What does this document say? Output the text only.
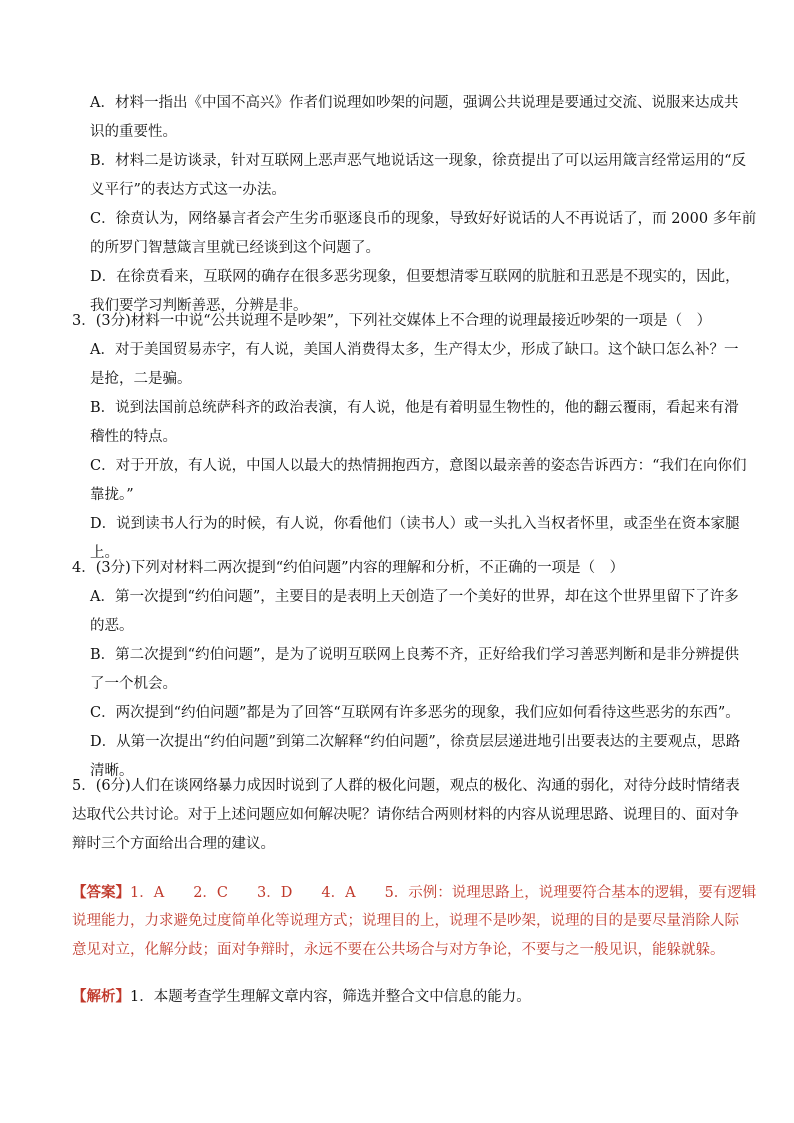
A．材料一指出《中国不高兴》作者们说理如吵架的问题，强调公共说理是要通过交流、说服来达成共
识的重要性。
B．材料二是访谈录，针对互联网上恶声恶气地说话这一现象，徐贲提出了可以运用箴言经常运用的“反
义平行”的表达方式这一办法。
C．徐贲认为，网络暴言者会产生劣币驱逐良币的现象，导致好好说话的人不再说话了，而 2000 多年前
的所罗门智慧箴言里就已经谈到这个问题了。
D．在徐贲看来，互联网的确存在很多恶劣现象，但要想清零互联网的肮脏和丑恶是不现实的，因此，
我们要学习判断善恶，分辨是非。
3．(3分)材料一中说“公共说理不是吵架”，下列社交媒体上不合理的说理最接近吵架的一项是（　）
A．对于美国贸易赤字，有人说，美国人消费得太多，生产得太少，形成了缺口。这个缺口怎么补？一
是抢，二是骗。
B．说到法国前总统萨科齐的政治表演，有人说，他是有着明显生物性的，他的翻云覆雨，看起来有滑
稽性的特点。
C．对于开放，有人说，中国人以最大的热情拥抱西方，意图以最亲善的姿态告诉西方：“我们在向你们
靠拢。”
D．说到读书人行为的时候，有人说，你看他们（读书人）或一头扎入当权者怀里，或歪坐在资本家腿
上。
4．(3分)下列对材料二两次提到“约伯问题”内容的理解和分析，不正确的一项是（　）
A．第一次提到“约伯问题”，主要目的是表明上天创造了一个美好的世界，却在这个世界里留下了许多
的恶。
B．第二次提到“约伯问题”，是为了说明互联网上良莠不齐，正好给我们学习善恶判断和是非分辨提供
了一个机会。
C．两次提到“约伯问题”都是为了回答“互联网有许多恶劣的现象，我们应如何看待这些恶劣的东西”。
D．从第一次提出“约伯问题”到第二次解释“约伯问题”，徐贲层层递进地引出要表达的主要观点，思路
清晰。
5．(6分)人们在谈网络暴力成因时说到了人群的极化问题，观点的极化、沟通的弱化，对待分歧时情绪表
达取代公共讨论。对于上述问题应如何解决呢？请你结合两则材料的内容从说理思路、说理目的、面对争
辩时三个方面给出合理的建议。
【答案】1．A　　2．C　　3．D　　4．A　　5．示例：说理思路上，说理要符合基本的逻辑，要有逻辑
说理能力，力求避免过度简单化等说理方式；说理目的上，说理不是吵架，说理的目的是要尽量消除人际
意见对立，化解分歧；面对争辩时，永远不要在公共场合与对方争论，不要与之一般见识，能躲就躲。
【解析】1．本题考查学生理解文章内容，筛选并整合文中信息的能力。
